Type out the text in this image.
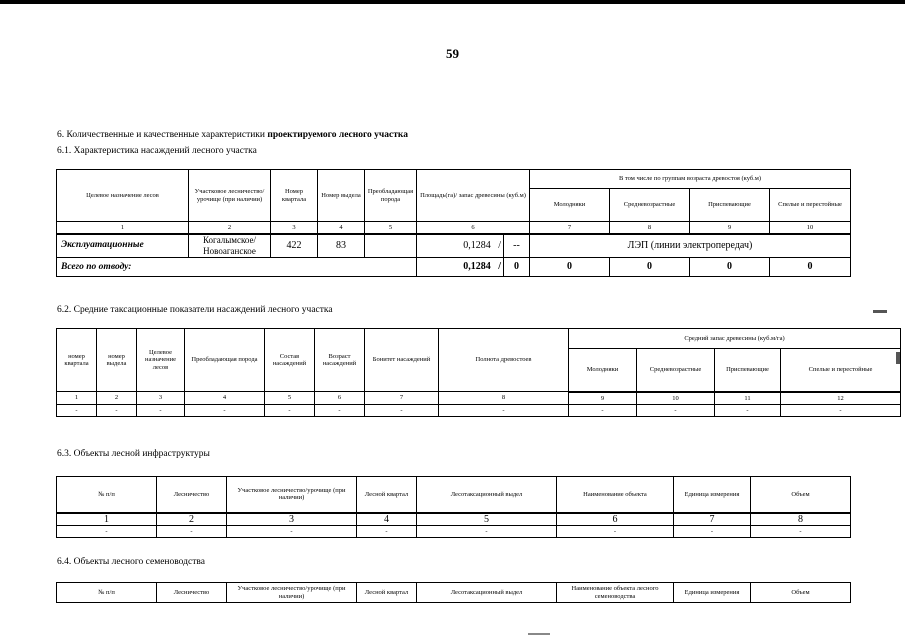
59
6. Количественные и качественные характеристики проектируемого лесного участка
6.1. Характеристика насаждений лесного участка
Целевое назначение лесов	Участковое лесничество/урочище (при наличии)	Номер квартала	Номер выдела	Преобладающая порода	Площадь(га)/ запас древесины (куб.м)		В том числе по группам возраста древостоя (куб.м)			
							Молодняки	Средневозрастные	Приспевающие	Спелые и перестойные
1	2	3	4	5	6		7	8	9	10
Эксплуатационные	Когалымское/ Новоаганское	422	83		0,1284 /	--	ЛЭП (линии электропередач)			
Всего по отводу:					0,1284 /	0	0	0	0	0
6.2. Средние таксационные показатели насаждений лесного участка
номер квартала	номер выдела	Целевое назначение лесов	Преобладающая порода	Состав насаждений	Возраст насаждений	Бонитет насаждений	Полнота древостоев	Средний запас древесины (куб.м/га)			
								Молодняки	Средневозрастные	Приспевающие	Спелые и перестойные
1	2	3	4	5	6	7	8	9	10	11	12
-	-	-	-	-	-	-	-	-	-	-	-
6.3. Объекты лесной инфраструктуры
№ п/п	Лесничество	Участковое лесничество/урочище (при наличии)	Лесной квартал	Лесотаксационный выдел	Наименование объекта	Единица измерения	Объем
1	2	3	4	5	6	7	8
-	-	-	-	-	-	-	-
6.4. Объекты лесного семеноводства
№ п/п	Лесничество	Участковое лесничество/урочище (при наличии)	Лесной квартал	Лесотаксационный выдел	Наименование объекта лесного семеноводства	Единица измерения	Объем
